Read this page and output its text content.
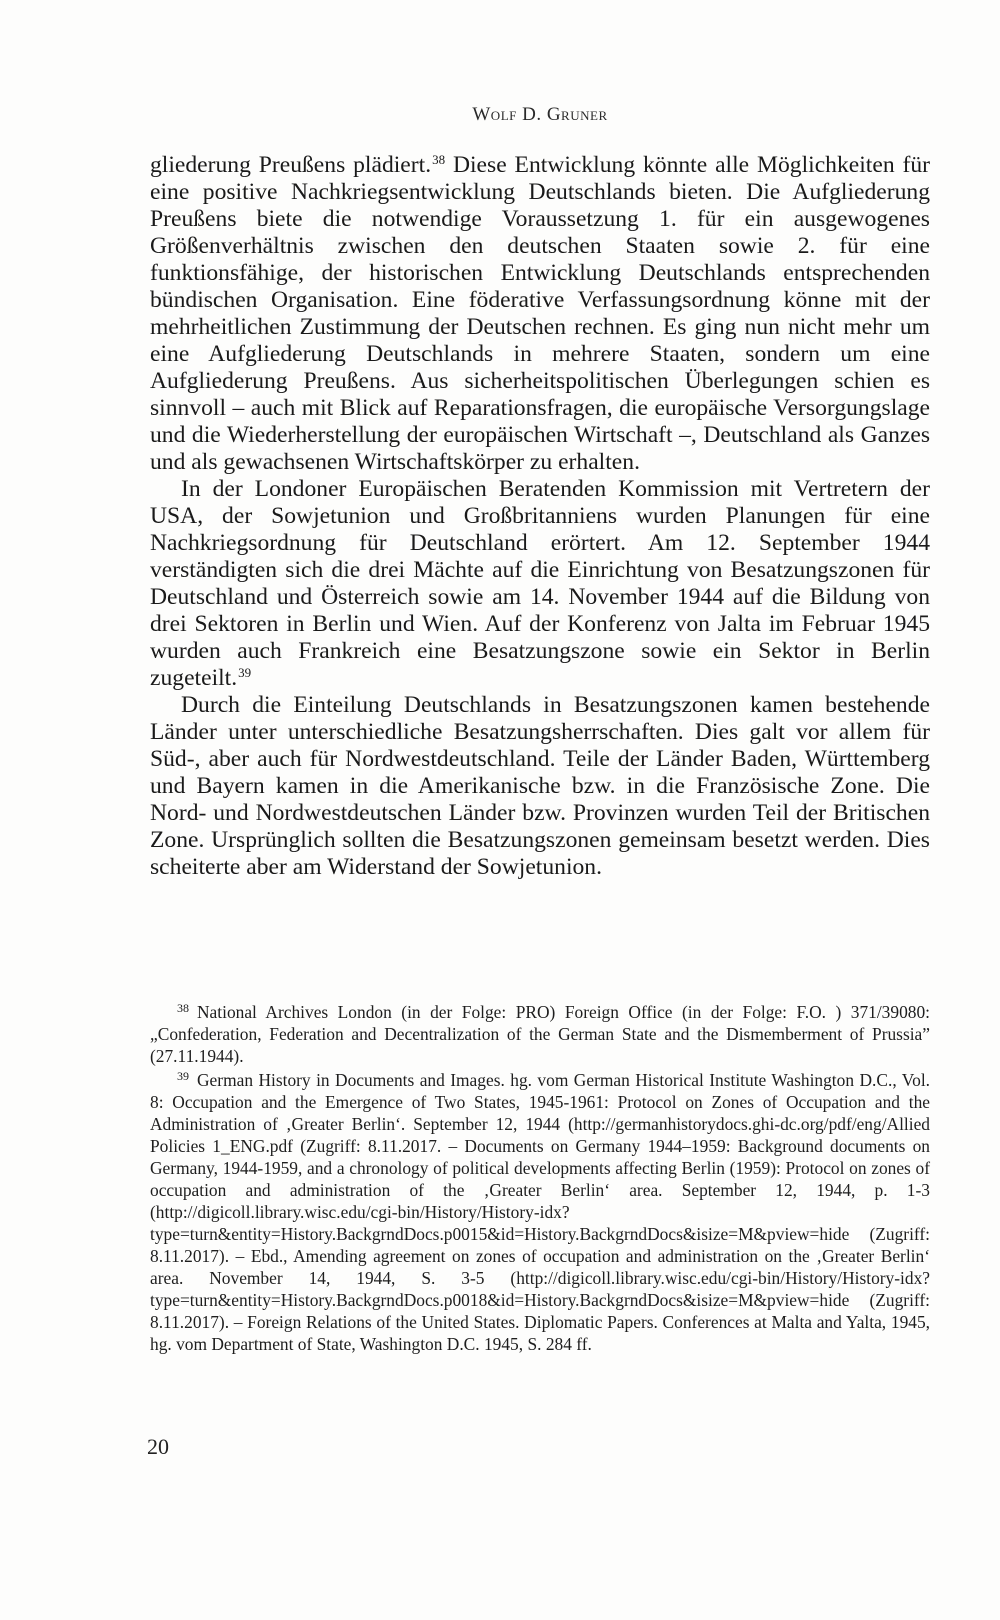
Wolf D. Gruner

gliederung Preußens plädiert.$^{38}$ Diese Entwicklung könnte alle Möglichkeiten für eine positive Nachkriegsentwicklung Deutschlands bieten. Die Aufgliederung Preußens biete die notwendige Voraussetzung 1. für ein ausgewogenes Größenverhältnis zwischen den deutschen Staaten sowie 2. für eine funktionsfähige, der historischen Entwicklung Deutschlands entsprechenden bündischen Organisation. Eine föderative Verfassungsordnung könne mit der mehrheitlichen Zustimmung der Deutschen rechnen. Es ging nun nicht mehr um eine Aufgliederung Deutschlands in mehrere Staaten, sondern um eine Aufgliederung Preußens. Aus sicherheitspolitischen Überlegungen schien es sinnvoll – auch mit Blick auf Reparationsfragen, die europäische Versorgungslage und die Wiederherstellung der europäischen Wirtschaft –, Deutschland als Ganzes und als gewachsenen Wirtschaftskörper zu erhalten.

In der Londoner Europäischen Beratenden Kommission mit Vertretern der USA, der Sowjetunion und Großbritanniens wurden Planungen für eine Nachkriegsordnung für Deutschland erörtert. Am 12. September 1944 verständigten sich die drei Mächte auf die Einrichtung von Besatzungszonen für Deutschland und Österreich sowie am 14. November 1944 auf die Bildung von drei Sektoren in Berlin und Wien. Auf der Konferenz von Jalta im Februar 1945 wurden auch Frankreich eine Besatzungszone sowie ein Sektor in Berlin zugeteilt.$^{39}$

Durch die Einteilung Deutschlands in Besatzungszonen kamen bestehende Länder unter unterschiedliche Besatzungsherrschaften. Dies galt vor allem für Süd-, aber auch für Nordwestdeutschland. Teile der Länder Baden, Württemberg und Bayern kamen in die Amerikanische bzw. in die Französische Zone. Die Nord- und Nordwestdeutschen Länder bzw. Provinzen wurden Teil der Britischen Zone. Ursprünglich sollten die Besatzungszonen gemeinsam besetzt werden. Dies scheiterte aber am Widerstand der Sowjetunion.

$^{38}$ National Archives London (in der Folge: PRO) Foreign Office (in der Folge: F.O. ) 371/39080: „Confederation, Federation and Decentralization of the German State and the Dismemberment of Prussia” (27.11.1944).

$^{39}$ German History in Documents and Images. hg. vom German Historical Institute Washington D.C., Vol. 8: Occupation and the Emergence of Two States, 1945-1961: Protocol on Zones of Occupation and the Administration of ‚Greater Berlin‘. September 12, 1944 (http://germanhistorydocs.ghi-dc.org/pdf/eng/Allied Policies 1_ENG.pdf (Zugriff: 8.11.2017. – Documents on Germany 1944–1959: Background documents on Germany, 1944-1959, and a chronology of political developments affecting Berlin (1959): Protocol on zones of occupation and administration of the ‚Greater Berlin‘ area. September 12, 1944, p. 1-3 (http://digicoll.library.wisc.edu/cgi-bin/History/History-idx?type=turn&entity=History.BackgrndDocs.p0015&id=History.BackgrndDocs&isize=M&pview=hide (Zugriff: 8.11.2017). – Ebd., Amending agreement on zones of occupation and administration on the ‚Greater Berlin‘ area. November 14, 1944, S. 3-5 (http://digicoll.library.wisc.edu/cgi-bin/History/History-idx?type=turn&entity=History.BackgrndDocs.p0018&id=History.BackgrndDocs&isize=M&pview=hide (Zugriff: 8.11.2017). – Foreign Relations of the United States. Diplomatic Papers. Conferences at Malta and Yalta, 1945, hg. vom Department of State, Washington D.C. 1945, S. 284 ff.

20
